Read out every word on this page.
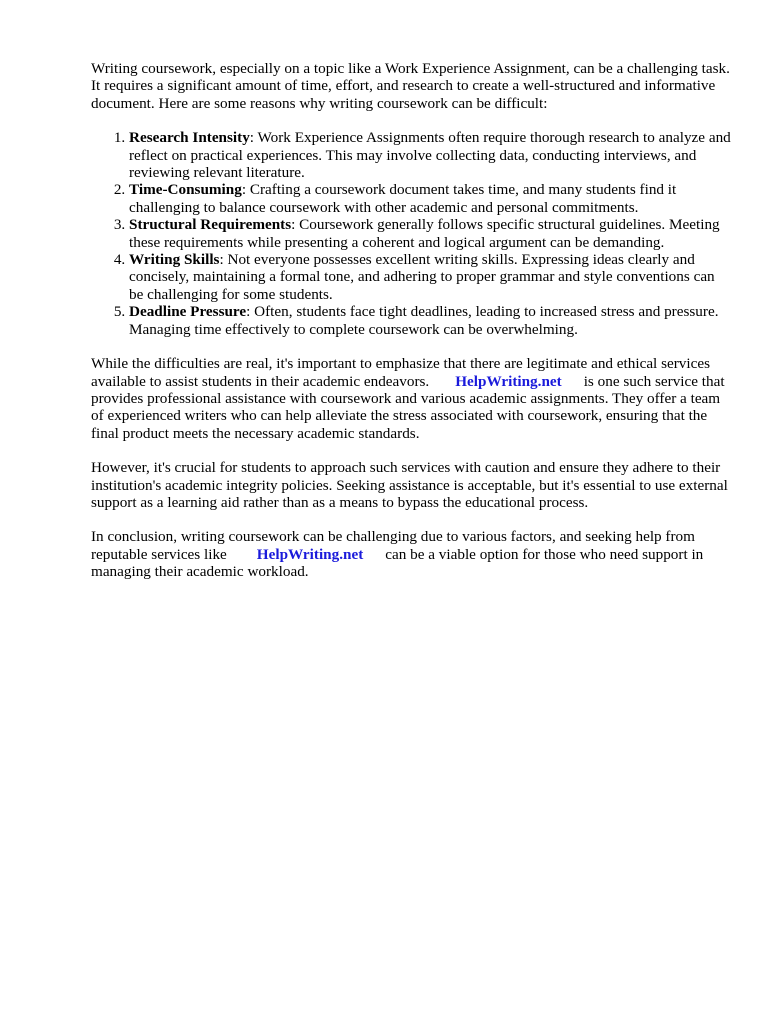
Writing coursework, especially on a topic like a Work Experience Assignment, can be a challenging task. It requires a significant amount of time, effort, and research to create a well-structured and informative document. Here are some reasons why writing coursework can be difficult:

1. Research Intensity: Work Experience Assignments often require thorough research to analyze and reflect on practical experiences. This may involve collecting data, conducting interviews, and reviewing relevant literature.
2. Time-Consuming: Crafting a coursework document takes time, and many students find it challenging to balance coursework with other academic and personal commitments.
3. Structural Requirements: Coursework generally follows specific structural guidelines. Meeting these requirements while presenting a coherent and logical argument can be demanding.
4. Writing Skills: Not everyone possesses excellent writing skills. Expressing ideas clearly and concisely, maintaining a formal tone, and adhering to proper grammar and style conventions can be challenging for some students.
5. Deadline Pressure: Often, students face tight deadlines, leading to increased stress and pressure. Managing time effectively to complete coursework can be overwhelming.

While the difficulties are real, it's important to emphasize that there are legitimate and ethical services available to assist students in their academic endeavors. HelpWriting.net is one such service that provides professional assistance with coursework and various academic assignments. They offer a team of experienced writers who can help alleviate the stress associated with coursework, ensuring that the final product meets the necessary academic standards.

However, it's crucial for students to approach such services with caution and ensure they adhere to their institution's academic integrity policies. Seeking assistance is acceptable, but it's essential to use external support as a learning aid rather than as a means to bypass the educational process.

In conclusion, writing coursework can be challenging due to various factors, and seeking help from reputable services like HelpWriting.net can be a viable option for those who need support in managing their academic workload.
